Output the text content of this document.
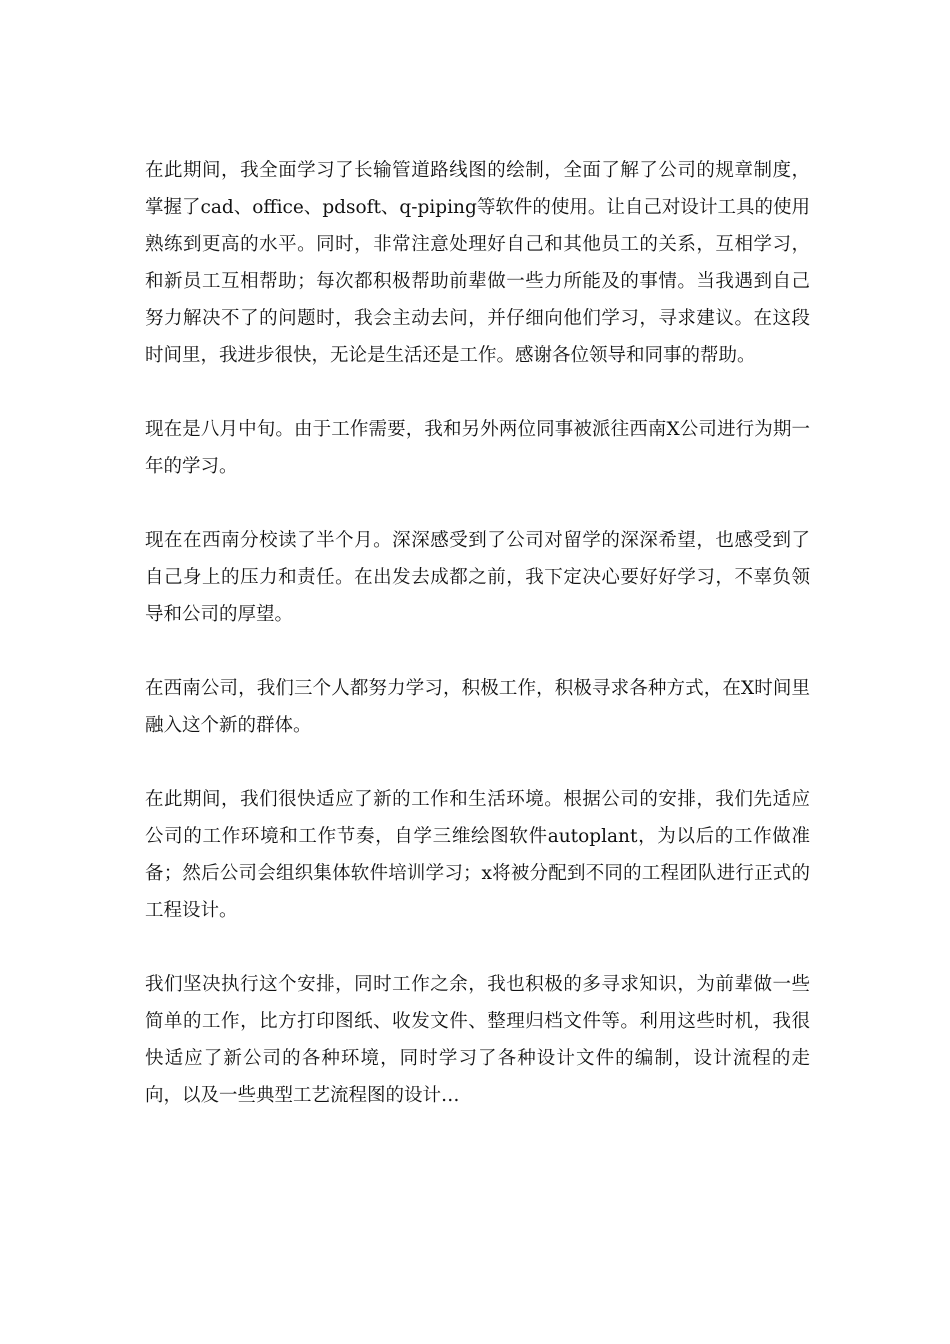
在此期间，我全面学习了长输管道路线图的绘制，全面了解了公司的规章制度，掌握了cad、office、pdsoft、q-piping等软件的使用。让自己对设计工具的使用熟练到更高的水平。同时，非常注意处理好自己和其他员工的关系，互相学习，和新员工互相帮助；每次都积极帮助前辈做一些力所能及的事情。当我遇到自己努力解决不了的问题时，我会主动去问，并仔细向他们学习，寻求建议。在这段时间里，我进步很快，无论是生活还是工作。感谢各位领导和同事的帮助。

现在是八月中旬。由于工作需要，我和另外两位同事被派往西南X公司进行为期一年的学习。

现在在西南分校读了半个月。深深感受到了公司对留学的深深希望，也感受到了自己身上的压力和责任。在出发去成都之前，我下定决心要好好学习，不辜负领导和公司的厚望。

在西南公司，我们三个人都努力学习，积极工作，积极寻求各种方式，在X时间里融入这个新的群体。

在此期间，我们很快适应了新的工作和生活环境。根据公司的安排，我们先适应公司的工作环境和工作节奏，自学三维绘图软件autoplant，为以后的工作做准备；然后公司会组织集体软件培训学习；x将被分配到不同的工程团队进行正式的工程设计。

我们坚决执行这个安排，同时工作之余，我也积极的多寻求知识，为前辈做一些简单的工作，比方打印图纸、收发文件、整理归档文件等。利用这些时机，我很快适应了新公司的各种环境，同时学习了各种设计文件的编制，设计流程的走向，以及一些典型工艺流程图的设计…
